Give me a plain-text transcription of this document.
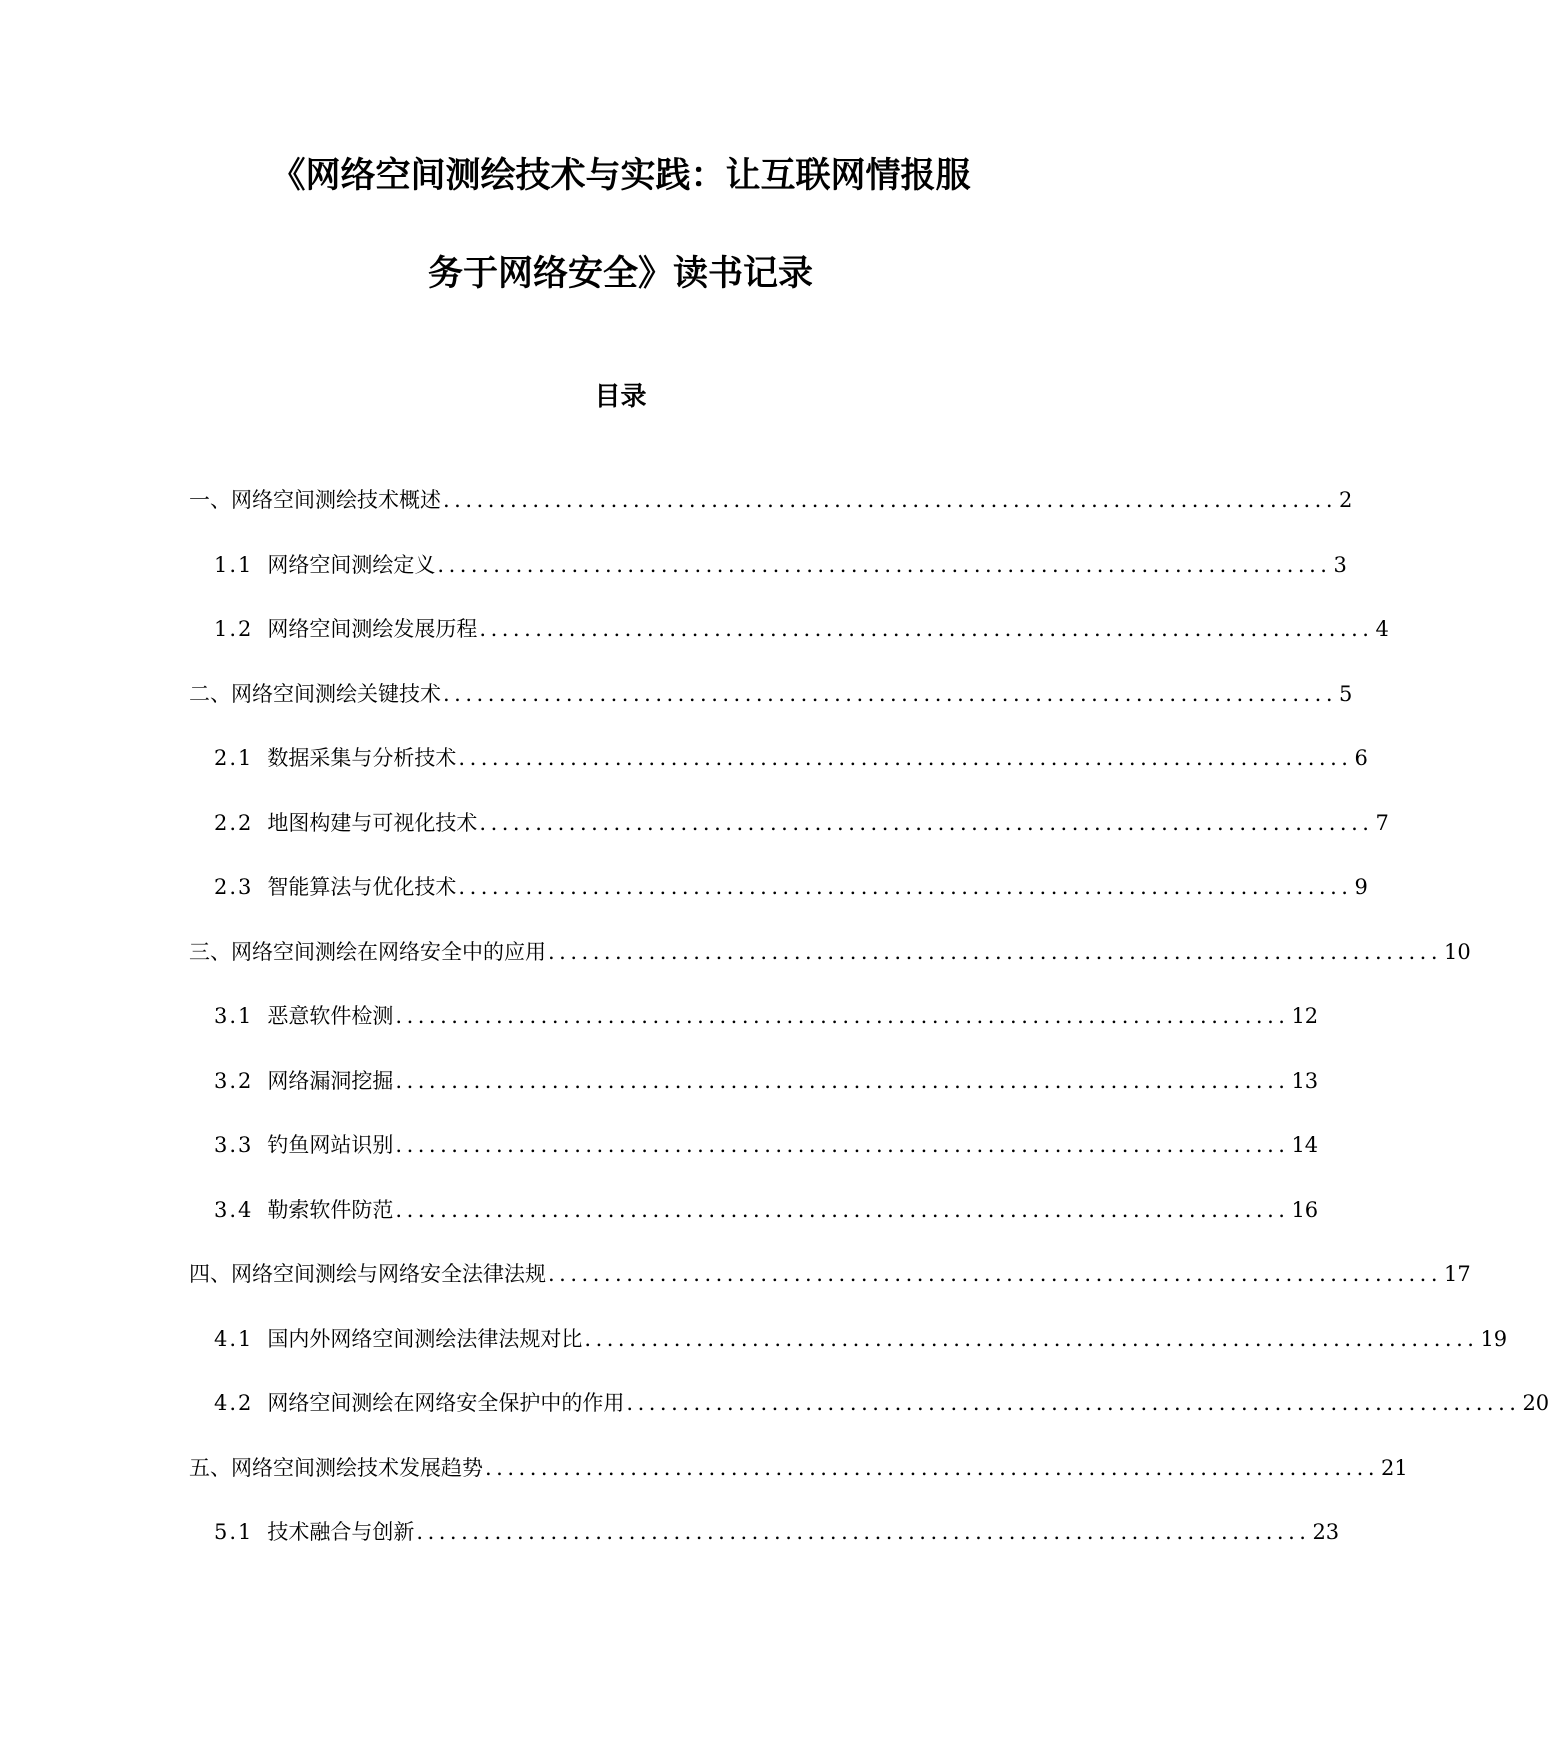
《网络空间测绘技术与实践：让互联网情报服
务于网络安全》读书记录
目录
一、网络空间测绘技术概述 ................................................................................ 2
1.1 网络空间测绘定义 ................................................................................ 3
1.2 网络空间测绘发展历程 ................................................................................ 4
二、网络空间测绘关键技术 ................................................................................ 5
2.1 数据采集与分析技术 ................................................................................ 6
2.2 地图构建与可视化技术 ................................................................................ 7
2.3 智能算法与优化技术 ................................................................................ 9
三、网络空间测绘在网络安全中的应用 ................................................................................ 10
3.1 恶意软件检测 ................................................................................ 12
3.2 网络漏洞挖掘 ................................................................................ 13
3.3 钓鱼网站识别 ................................................................................ 14
3.4 勒索软件防范 ................................................................................ 16
四、网络空间测绘与网络安全法律法规 ................................................................................ 17
4.1 国内外网络空间测绘法律法规对比 ................................................................................ 19
4.2 网络空间测绘在网络安全保护中的作用 ................................................................................ 20
五、网络空间测绘技术发展趋势 ................................................................................ 21
5.1 技术融合与创新 ................................................................................ 23
